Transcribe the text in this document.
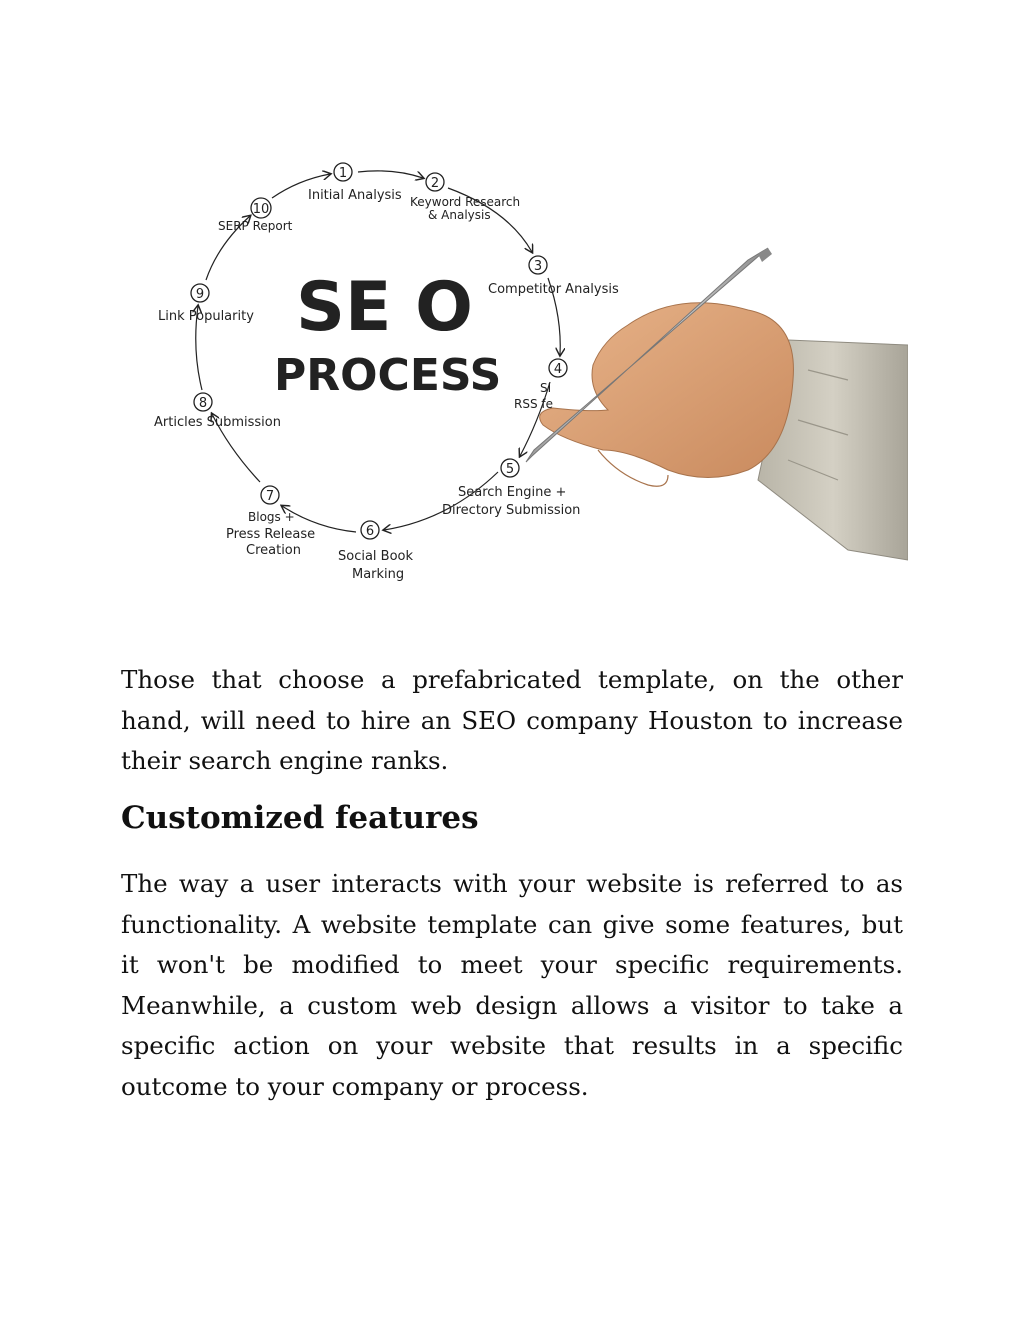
SE O
PROCESS
1
Initial Analysis
2
Keyword Research
& Analysis
3
Competitor Analysis
4
SI
RSS fe
5
Search Engine +
Directory Submission
6
Social Book
Marking
7
Blogs +
Press Release
Creation
8
Articles Submission
9
Link Popularity
10
SERP Report

Those that choose a prefabricated template, on the other hand, will need to hire an SEO company Houston to increase their search engine ranks.

Customized features

The way a user interacts with your website is referred to as functionality. A website template can give some features, but it won't be modified to meet your specific requirements. Meanwhile, a custom web design allows a visitor to take a specific action on your website that results in a specific outcome to your company or process.
